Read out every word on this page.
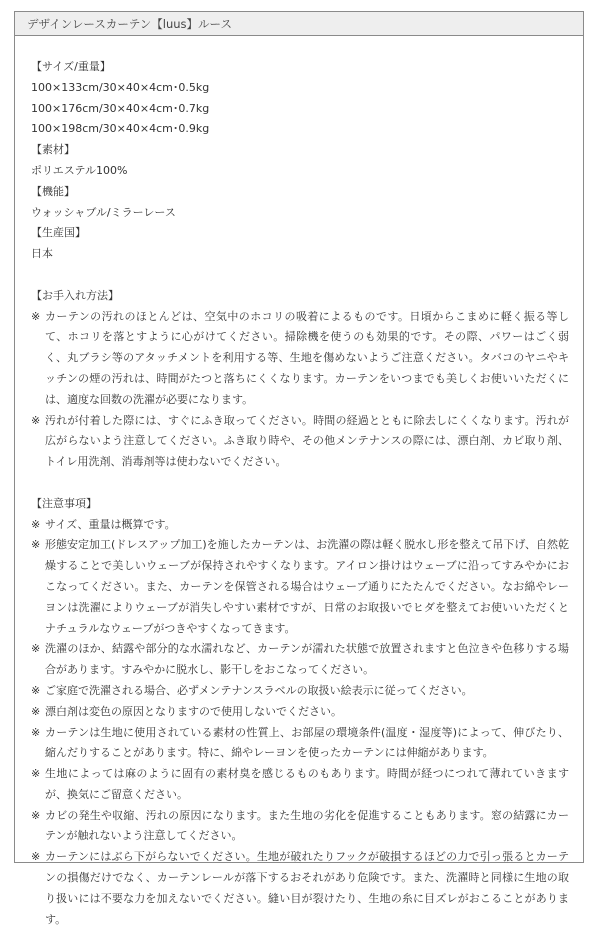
デザインレースカーテン【luus】ルース
【サイズ/重量】
100×133cm/30×40×4cm･0.5kg
100×176cm/30×40×4cm･0.7kg
100×198cm/30×40×4cm･0.9kg
【素材】
ポリエステル100%
【機能】
ウォッシャブル/ミラーレース
【生産国】
日本
【お手入れ方法】
※ カーテンの汚れのほとんどは、空気中のホコリの吸着によるものです。日頃からこまめに軽く振る等して、ホコリを落とすように心がけてください。掃除機を使うのも効果的です。その際、パワーはごく弱く、丸ブラシ等のアタッチメントを利用する等、生地を傷めないようご注意ください。タバコのヤニやキッチンの煙の汚れは、時間がたつと落ちにくくなります。カーテンをいつまでも美しくお使いいただくには、適度な回数の洗濯が必要になります。
※ 汚れが付着した際には、すぐにふき取ってください。時間の経過とともに除去しにくくなります。汚れが広がらないよう注意してください。ふき取り時や、その他メンテナンスの際には、漂白剤、カビ取り剤、トイレ用洗剤、消毒剤等は使わないでください。
【注意事項】
※ サイズ、重量は概算です。
※ 形態安定加工(ドレスアップ加工)を施したカーテンは、お洗濯の際は軽く脱水し形を整えて吊下げ、自然乾燥することで美しいウェーブが保持されやすくなります。アイロン掛けはウェーブに沿ってすみやかにおこなってください。また、カーテンを保管される場合はウェーブ通りにたたんでください。なお綿やレーヨンは洗濯によりウェーブが消失しやすい素材ですが、日常のお取扱いでヒダを整えてお使いいただくとナチュラルなウェーブがつきやすくなってきます。
※ 洗濯のほか、結露や部分的な水濡れなど、カーテンが濡れた状態で放置されますと色泣きや色移りする場合があります。すみやかに脱水し、影干しをおこなってください。
※ ご家庭で洗濯される場合、必ずメンテナンスラベルの取扱い絵表示に従ってください。
※ 漂白剤は変色の原因となりますので使用しないでください。
※ カーテンは生地に使用されている素材の性質上、お部屋の環境条件(温度・湿度等)によって、伸びたり、縮んだりすることがあります。特に、綿やレーヨンを使ったカーテンには伸縮があります。
※ 生地によっては麻のように固有の素材臭を感じるものもあります。時間が経つにつれて薄れていきますが、換気にご留意ください。
※ カビの発生や収縮、汚れの原因になります。また生地の劣化を促進することもあります。窓の結露にカーテンが触れないよう注意してください。
※ カーテンにはぶら下がらないでください。生地が破れたりフックが破損するほどの力で引っ張るとカーテンの損傷だけでなく、カーテンレールが落下するおそれがあり危険です。また、洗濯時と同様に生地の取り扱いには不要な力を加えないでください。縫い目が裂けたり、生地の糸に目ズレがおこることがあります。
